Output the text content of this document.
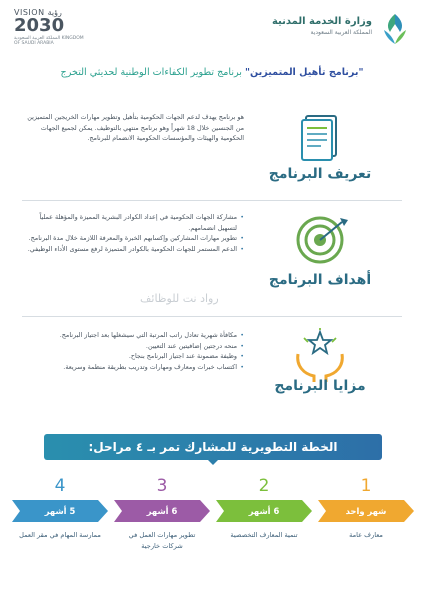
VISION رؤية
2030
المملكة العربية السعودية KINGDOM OF SAUDI ARABIA
وزارة الخدمة المدنية
المملكة العربية السعودية
"برنامج تأهيل المتميزين" برنامج تطوير الكفاءات الوطنية لحديثي التخرج
تعريف البرنامج

هو برنامج يهدف لدعم الجهات الحكومية بتأهيل وتطوير مهارات الخريجين المتميزين من الجنسين خلال 18 شهراً وهو برنامج منتهي بالتوظيف. يمكن لجميع الجهات الحكومية والهيئات والمؤسسات الحكومية الانضمام للبرنامج.

أهداف البرنامج
• مشاركة الجهات الحكومية في إعداد الكوادر البشرية المميزة والمؤهلة عملياً لتسهيل انضمامهم.
• تطوير مهارات المشاركين وإكسابهم الخبرة والمعرفة اللازمة خلال مدة البرنامج.
• الدعم المستمر للجهات الحكومية بالكوادر المتميزة لرفع مستوى الأداء الوظيفي.
رواد نت للوظائف
مزايا البرنامج
• مكافأة شهرية تعادل راتب المرتبة التي سيشغلها بعد اجتياز البرنامج.
• منحه درجتين إضافيتين عند التعيين.
• وظيفة مضمونة عند اجتياز البرنامج بنجاح.
• اكتساب خبرات ومعارف ومهارات وتدريب بطريقة منظمة وسريعة.
الخطة التطويرية للمشارك تمر بـ ٤ مراحل:
1
شهر واحد
معارف عامة
2
6 أشهر
تنمية المعارف التخصصية
3
6 أشهر
تطوير مهارات العمل في شركات خارجية
4
5 أشهر
ممارسة المهام في مقر العمل
